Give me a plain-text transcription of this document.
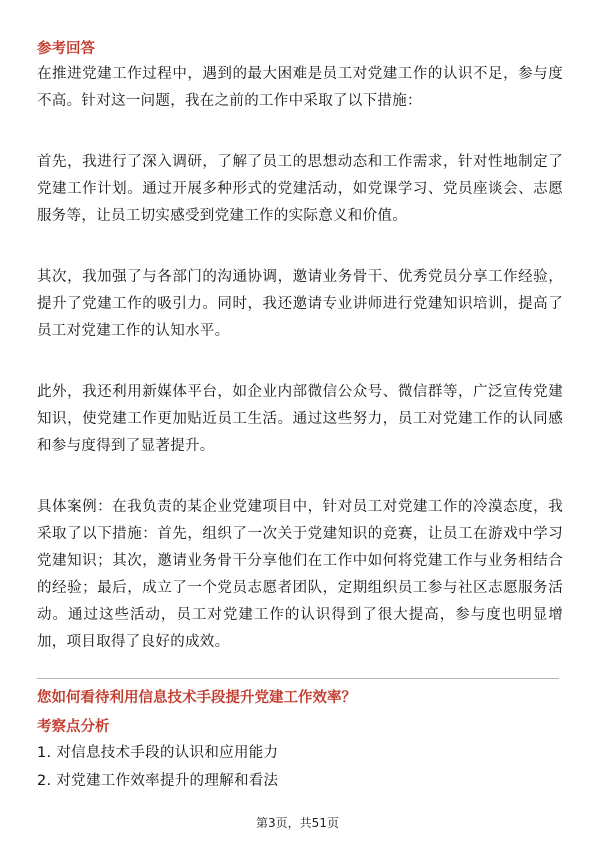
参考回答

在推进党建工作过程中，遇到的最大困难是员工对党建工作的认识不足，参与度不高。针对这一问题，我在之前的工作中采取了以下措施：

首先，我进行了深入调研，了解了员工的思想动态和工作需求，针对性地制定了党建工作计划。通过开展多种形式的党建活动，如党课学习、党员座谈会、志愿服务等，让员工切实感受到党建工作的实际意义和价值。

其次，我加强了与各部门的沟通协调，邀请业务骨干、优秀党员分享工作经验，提升了党建工作的吸引力。同时，我还邀请专业讲师进行党建知识培训，提高了员工对党建工作的认知水平。

此外，我还利用新媒体平台，如企业内部微信公众号、微信群等，广泛宣传党建知识，使党建工作更加贴近员工生活。通过这些努力，员工对党建工作的认同感和参与度得到了显著提升。

具体案例：在我负责的某企业党建项目中，针对员工对党建工作的冷漠态度，我采取了以下措施：首先，组织了一次关于党建知识的竞赛，让员工在游戏中学习党建知识；其次，邀请业务骨干分享他们在工作中如何将党建工作与业务相结合的经验；最后，成立了一个党员志愿者团队，定期组织员工参与社区志愿服务活动。通过这些活动，员工对党建工作的认识得到了很大提高，参与度也明显增加，项目取得了良好的成效。

您如何看待利用信息技术手段提升党建工作效率？
考察点分析
1. 对信息技术手段的认识和应用能力
2. 对党建工作效率提升的理解和看法
第3页，共51页
